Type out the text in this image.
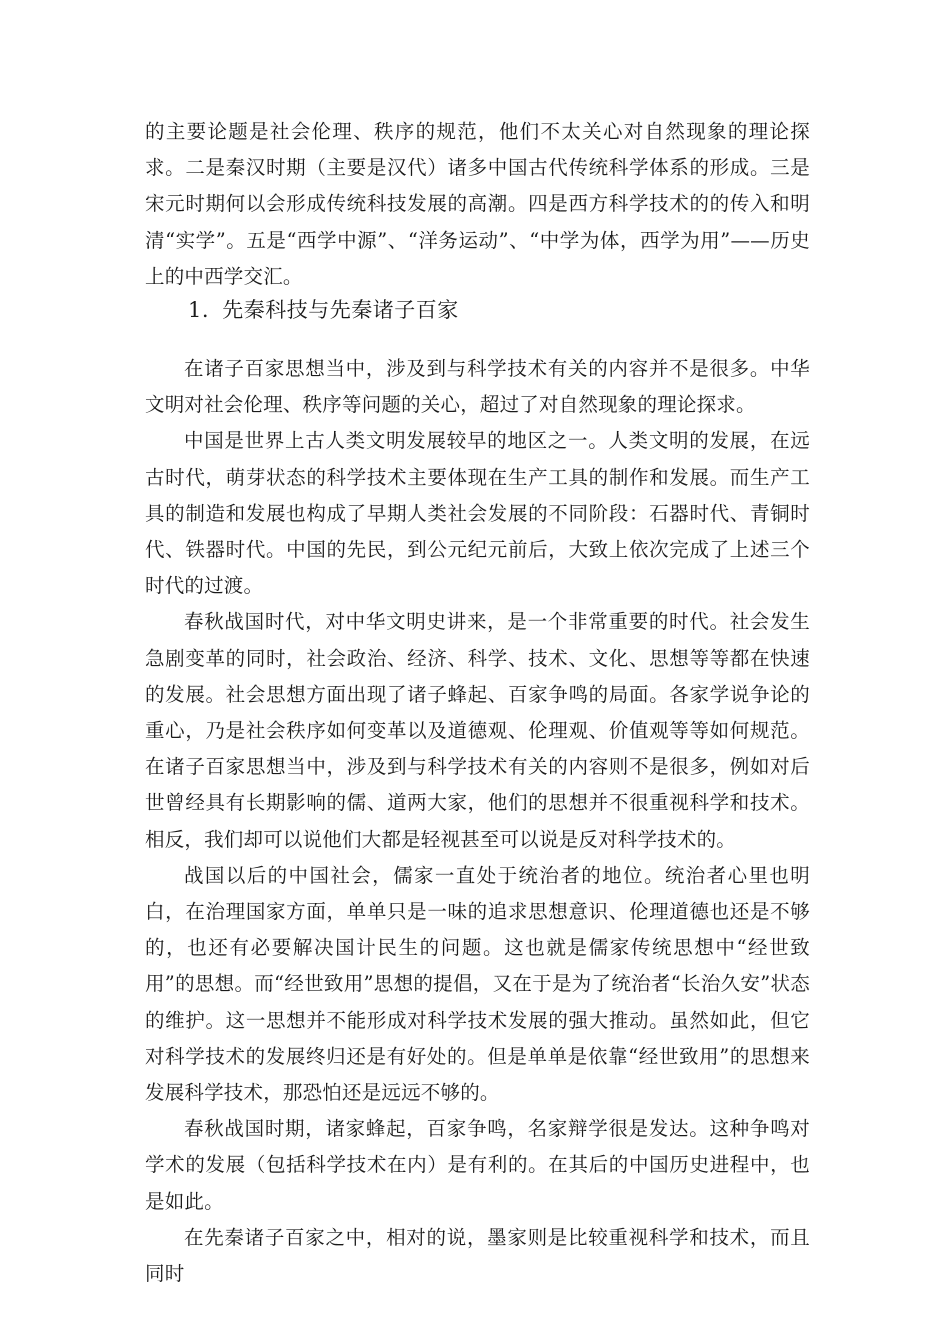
的主要论题是社会伦理、秩序的规范，他们不太关心对自然现象的理论探求。二是秦汉时期（主要是汉代）诸多中国古代传统科学体系的形成。三是宋元时期何以会形成传统科技发展的高潮。四是西方科学技术的的传入和明清“实学”。五是“西学中源”、“洋务运动”、“中学为体，西学为用”——历史上的中西学交汇。

1. 先秦科技与先秦诸子百家

在诸子百家思想当中，涉及到与科学技术有关的内容并不是很多。中华文明对社会伦理、秩序等问题的关心，超过了对自然现象的理论探求。

中国是世界上古人类文明发展较早的地区之一。人类文明的发展，在远古时代，萌芽状态的科学技术主要体现在生产工具的制作和发展。而生产工具的制造和发展也构成了早期人类社会发展的不同阶段：石器时代、青铜时代、铁器时代。中国的先民，到公元纪元前后，大致上依次完成了上述三个时代的过渡。

春秋战国时代，对中华文明史讲来，是一个非常重要的时代。社会发生急剧变革的同时，社会政治、经济、科学、技术、文化、思想等等都在快速的发展。社会思想方面出现了诸子蜂起、百家争鸣的局面。各家学说争论的重心，乃是社会秩序如何变革以及道德观、伦理观、价值观等等如何规范。在诸子百家思想当中，涉及到与科学技术有关的内容则不是很多，例如对后世曾经具有长期影响的儒、道两大家，他们的思想并不很重视科学和技术。相反，我们却可以说他们大都是轻视甚至可以说是反对科学技术的。

战国以后的中国社会，儒家一直处于统治者的地位。统治者心里也明白，在治理国家方面，单单只是一味的追求思想意识、伦理道德也还是不够的，也还有必要解决国计民生的问题。这也就是儒家传统思想中“经世致用”的思想。而“经世致用”思想的提倡，又在于是为了统治者“长治久安”状态的维护。这一思想并不能形成对科学技术发展的强大推动。虽然如此，但它对科学技术的发展终归还是有好处的。但是单单是依靠“经世致用”的思想来发展科学技术，那恐怕还是远远不够的。

春秋战国时期，诸家蜂起，百家争鸣，名家辩学很是发达。这种争鸣对学术的发展（包括科学技术在内）是有利的。在其后的中国历史进程中，也是如此。

在先秦诸子百家之中，相对的说，墨家则是比较重视科学和技术，而且同时
